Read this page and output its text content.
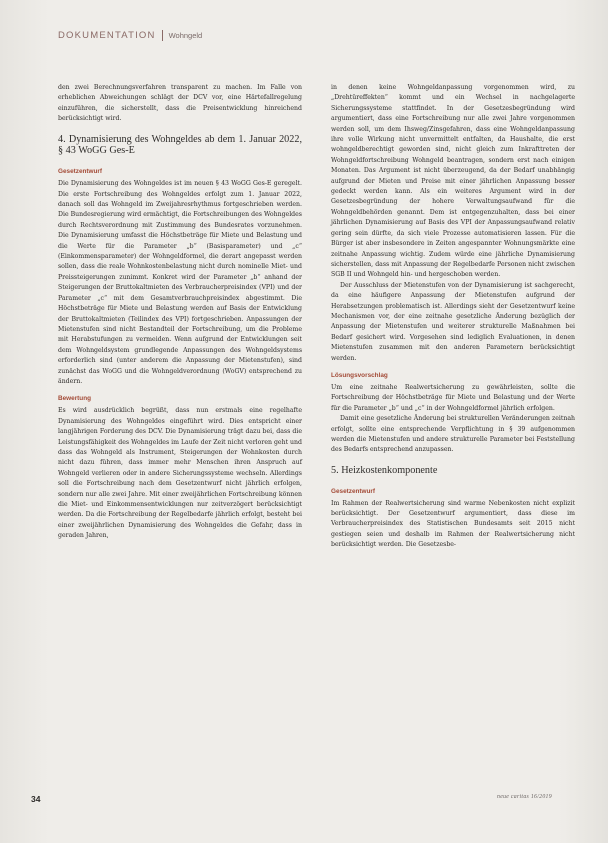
DOKUMENTATION Wohngeld

den zwei Berechnungsverfahren transparent zu machen. Im Falle von erheblichen Abweichungen schlägt der DCV vor, eine Härtefallregelung einzuführen, die sicherstellt, dass die Preisentwicklung hinreichend berücksichtigt wird.

4. Dynamisierung des Wohngeldes ab dem 1. Januar 2022, § 43 WoGG Ges-E
Gesetzentwurf

Die Dynamisierung des Wohngeldes ist im neuen § 43 WoGG Ges-E geregelt. Die erste Fortschreibung des Wohngeldes erfolgt zum 1. Januar 2022, danach soll das Wohngeld im Zweijahresrhythmus fortgeschrieben werden. Die Bundesregierung wird ermächtigt, die Fortschreibungen des Wohngeldes durch Rechtsverordnung mit Zustimmung des Bundesrates vorzunehmen. Die Dynamisierung umfasst die Höchstbeträge für Miete und Belastung und die Werte für die Parameter „b“ (Basisparameter) und „c“ (Einkommensparameter) der Wohngeldformel, die derart angepasst werden sollen, dass die reale Wohnkostenbelastung nicht durch nominelle Miet- und Preissteigerungen zunimmt. Konkret wird der Parameter „b“ anhand der Steigerungen der Bruttokaltmieten des Verbraucherpreisindex (VPI) und der Parameter „c“ mit dem Gesamtverbrauchpreisindex abgestimmt. Die Höchstbeträge für Miete und Belastung werden auf Basis der Entwicklung der Bruttokaltmieten (Teilindex des VPI) fortgeschrieben. Anpassungen der Mietenstufen sind nicht Bestandteil der Fortschreibung, um die Probleme mit Herabstufungen zu vermeiden. Wenn aufgrund der Entwicklungen seit dem Wohngeldsystem grundlegende Anpassungen des Wohngeldsystems erforderlich sind (unter anderem die Anpassung der Mietenstufen), sind zunächst das WoGG und die Wohngeldverordnung (WoGV) entsprechend zu ändern.

Bewertung

Es wird ausdrücklich begrüßt, dass nun erstmals eine regelhafte Dynamisierung des Wohngeldes eingeführt wird. Dies entspricht einer langjährigen Forderung des DCV. Die Dynamisierung trägt dazu bei, dass die Leistungsfähigkeit des Wohngeldes im Laufe der Zeit nicht verloren geht und dass das Wohngeld als Instrument, Steigerungen der Wohnkosten durch nicht dazu führen, dass immer mehr Menschen ihren Anspruch auf Wohngeld verlieren oder in andere Sicherungssysteme wechseln. Allerdings soll die Fortschreibung nach dem Gesetzentwurf nicht jährlich erfolgen, sondern nur alle zwei Jahre. Mit einer zweijährlichen Fortschreibung können die Miet- und Einkommensentwicklungen nur zeitverzögert berücksichtigt werden. Da die Fortschreibung der Regelbedarfe jährlich erfolgt, besteht bei einer zweijährlichen Dynamisierung des Wohngeldes die Gefahr, dass in geraden Jahren,

in denen keine Wohngeldanpassung vorgenommen wird, zu „Drehtüreffekten“ kommt und ein Wechsel in nachgelagerte Sicherungssysteme stattfindet. In der Gesetzesbegründung wird argumentiert, dass eine Fortschreibung nur alle zwei Jahre vorgenommen werden soll, um dem Ihsweg/Zinsgefahren, dass eine Wohngeldanpassung ihre volle Wirkung nicht unvermittelt entfalten, da Haushalte, die erst wohngeldberechtigt geworden sind, nicht gleich zum Inkrafttreten der Wohngeldfortschreibung Wohngeld beantragen, sondern erst nach einigen Monaten. Das Argument ist nicht überzeugend, da der Bedarf unabhängig aufgrund der Mieten und Preise mit einer jährlichen Anpassung besser gedeckt werden kann. Als ein weiteres Argument wird in der Gesetzesbegründung der hohere Verwaltungsaufwand für die Wohngeldbehörden genannt. Dem ist entgegenzuhalten, dass bei einer jährlichen Dynamisierung auf Basis des VPI der Anpassungsaufwand relativ gering sein dürfte, da sich viele Prozesse automatisieren lassen. Für die Bürger ist aber insbesondere in Zeiten angespannter Wohnungsmärkte eine zeitnahe Anpassung wichtig. Zudem würde eine jährliche Dynamisierung sicherstellen, dass mit Anpassung der Regelbedarfe Personen nicht zwischen SGB II und Wohngeld hin- und hergeschoben werden.

Der Ausschluss der Mietenstufen von der Dynamisierung ist sachgerecht, da eine häufigere Anpassung der Mietenstufen aufgrund der Herabsetzungen problematisch ist. Allerdings sieht der Gesetzentwurf keine Mechanismen vor, der eine zeitnahe gesetzliche Änderung bezüglich der Anpassung der Mietenstufen und weiterer strukturelle Maßnahmen bei Bedarf gesichert wird. Vorgesehen sind lediglich Evaluationen, in denen Mietenstufen zusammen mit den anderen Parametern berücksichtigt werden.

Lösungsvorschlag

Um eine zeitnahe Realwertsicherung zu gewährleisten, sollte die Fortschreibung der Höchstbeträge für Miete und Belastung und der Werte für die Parameter „b“ und „c“ in der Wohngeldformel jährlich erfolgen.

Damit eine gesetzliche Änderung bei strukturellen Veränderungen zeitnah erfolgt, sollte eine entsprechende Verpflichtung in § 39 aufgenommen werden die Mietenstufen und andere strukturelle Parameter bei Feststellung des Bedarfs entsprechend anzupassen.

5. Heizkostenkomponente
Gesetzentwurf

Im Rahmen der Realwertsicherung sind warme Nebenkosten nicht explizit berücksichtigt. Der Gesetzentwurf argumentiert, dass diese im Verbraucherpreisindex des Statistischen Bundesamts seit 2015 nicht gestiegen seien und deshalb im Rahmen der Realwertsicherung nicht berücksichtigt werden. Die Gesetzesbe-

34	neue caritas 16/2019
